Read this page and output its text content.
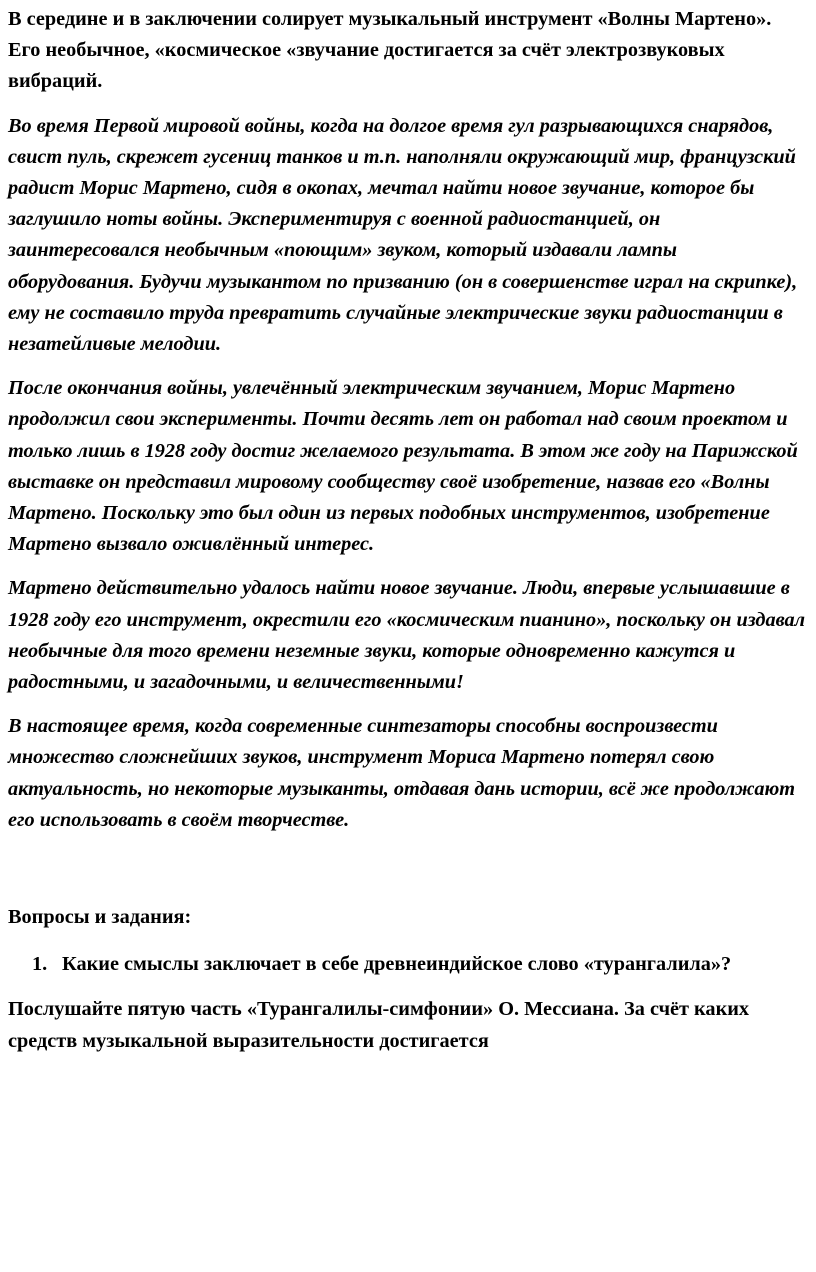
В середине и в заключении солирует музыкальный инструмент «Волны Мартено». Его необычное, «космическое «звучание достигается за счёт электрозвуковых вибраций.

Во время Первой мировой войны, когда на долгое время гул разрывающихся снарядов, свист пуль, скрежет гусениц танков и т.п. наполняли окружающий мир, французский радист Морис Мартено, сидя в окопах, мечтал найти новое звучание, которое бы заглушило ноты войны. Экспериментируя с военной радиостанцией, он заинтересовался необычным «поющим» звуком, который издавали лампы оборудования. Будучи музыкантом по призванию (он в совершенстве играл на скрипке), ему не составило труда превратить случайные электрические звуки радиостанции в незатейливые мелодии.

После окончания войны, увлечённый электрическим звучанием, Морис Мартено продолжил свои эксперименты. Почти десять лет он работал над своим проектом и только лишь в 1928 году достиг желаемого результата. В этом же году на Парижской выставке он представил мировому сообществу своё изобретение, назвав его «Волны Мартено. Поскольку это был один из первых подобных инструментов, изобретение Мартено вызвало оживлённый интерес.

Мартено действительно удалось найти новое звучание. Люди, впервые услышавшие в 1928 году его инструмент, окрестили его «космическим пианино», поскольку он издавал необычные для того времени неземные звуки, которые одновременно кажутся и радостными, и загадочными, и величественными!

В настоящее время, когда современные синтезаторы способны воспроизвести множество сложнейших звуков, инструмент Мориса Мартено потерял свою актуальность, но некоторые музыканты, отдавая дань истории, всё же продолжают его использовать в своём творчестве.

Вопросы и задания:

1. Какие смыслы заключает в себе древнеиндийское слово «турангалила»?

Послушайте пятую часть «Турангалилы-симфонии» О. Мессиана. За счёт каких средств музыкальной выразительности достигается
